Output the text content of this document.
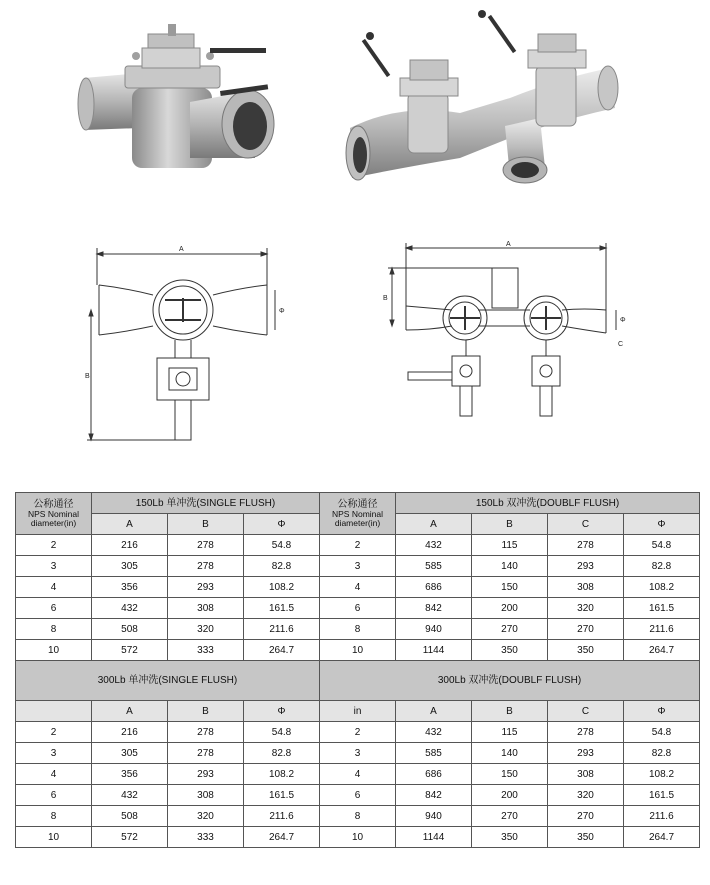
A
Φ
B
A
B
Φ
C
公称通径
NPS Nominal
diameter(in)	150Lb 单冲洗(SINGLE FLUSH)			公称通径
NPS Nominal
diameter(in)	150Lb 双冲洗(DOUBLF FLUSH)			
	A	B	Φ		A	B	C	Φ
2	216	278	54.8	2	432	115	278	54.8
3	305	278	82.8	3	585	140	293	82.8
4	356	293	108.2	4	686	150	308	108.2
6	432	308	161.5	6	842	200	320	161.5
8	508	320	211.6	8	940	270	270	211.6
10	572	333	264.7	10	1144	350	350	264.7
300Lb 单冲洗(SINGLE FLUSH)				300Lb 双冲洗(DOUBLF FLUSH)				
	A	B	Φ	in	A	B	C	Φ
2	216	278	54.8	2	432	115	278	54.8
3	305	278	82.8	3	585	140	293	82.8
4	356	293	108.2	4	686	150	308	108.2
6	432	308	161.5	6	842	200	320	161.5
8	508	320	211.6	8	940	270	270	211.6
10	572	333	264.7	10	1144	350	350	264.7
